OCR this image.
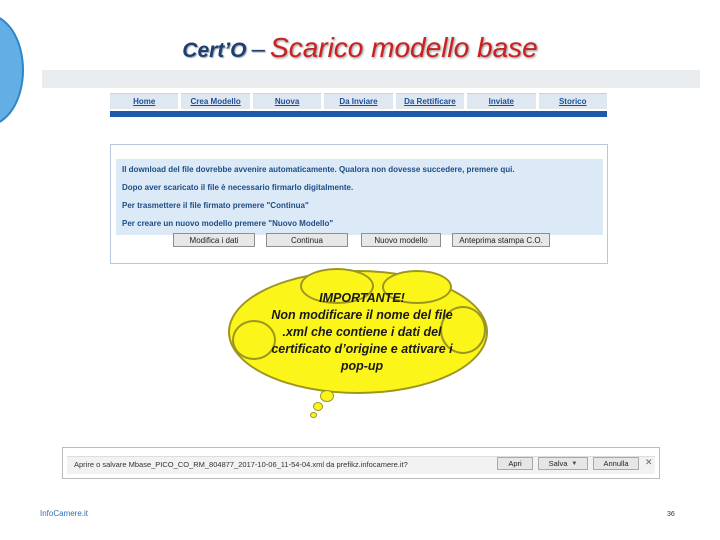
Cert’O – Scarico modello base
Home	Crea Modello	Nuova	Da Inviare	Da Rettificare	Inviate	Storico
Il download del file dovrebbe avvenire automaticamente. Qualora non dovesse succedere, premere qui.
Dopo aver scaricato il file è necessario firmarlo digitalmente.
Per trasmettere il file firmato premere "Continua"
Per creare un nuovo modello premere "Nuovo Modello"
Modifica i dati	Continua	Nuovo modello	Anteprima stampa C.O.
IMPORTANTE!
Non modificare il nome del file .xml che contiene i dati del certificato d’origine e attivare i pop-up
Aprire o salvare Mbase_PICO_CO_RM_804877_2017-10-06_11-54-04.xml da prefikz.infocamere.it?	Apri	Salva ▼	Annulla ✕
InfoCamere.it	36
